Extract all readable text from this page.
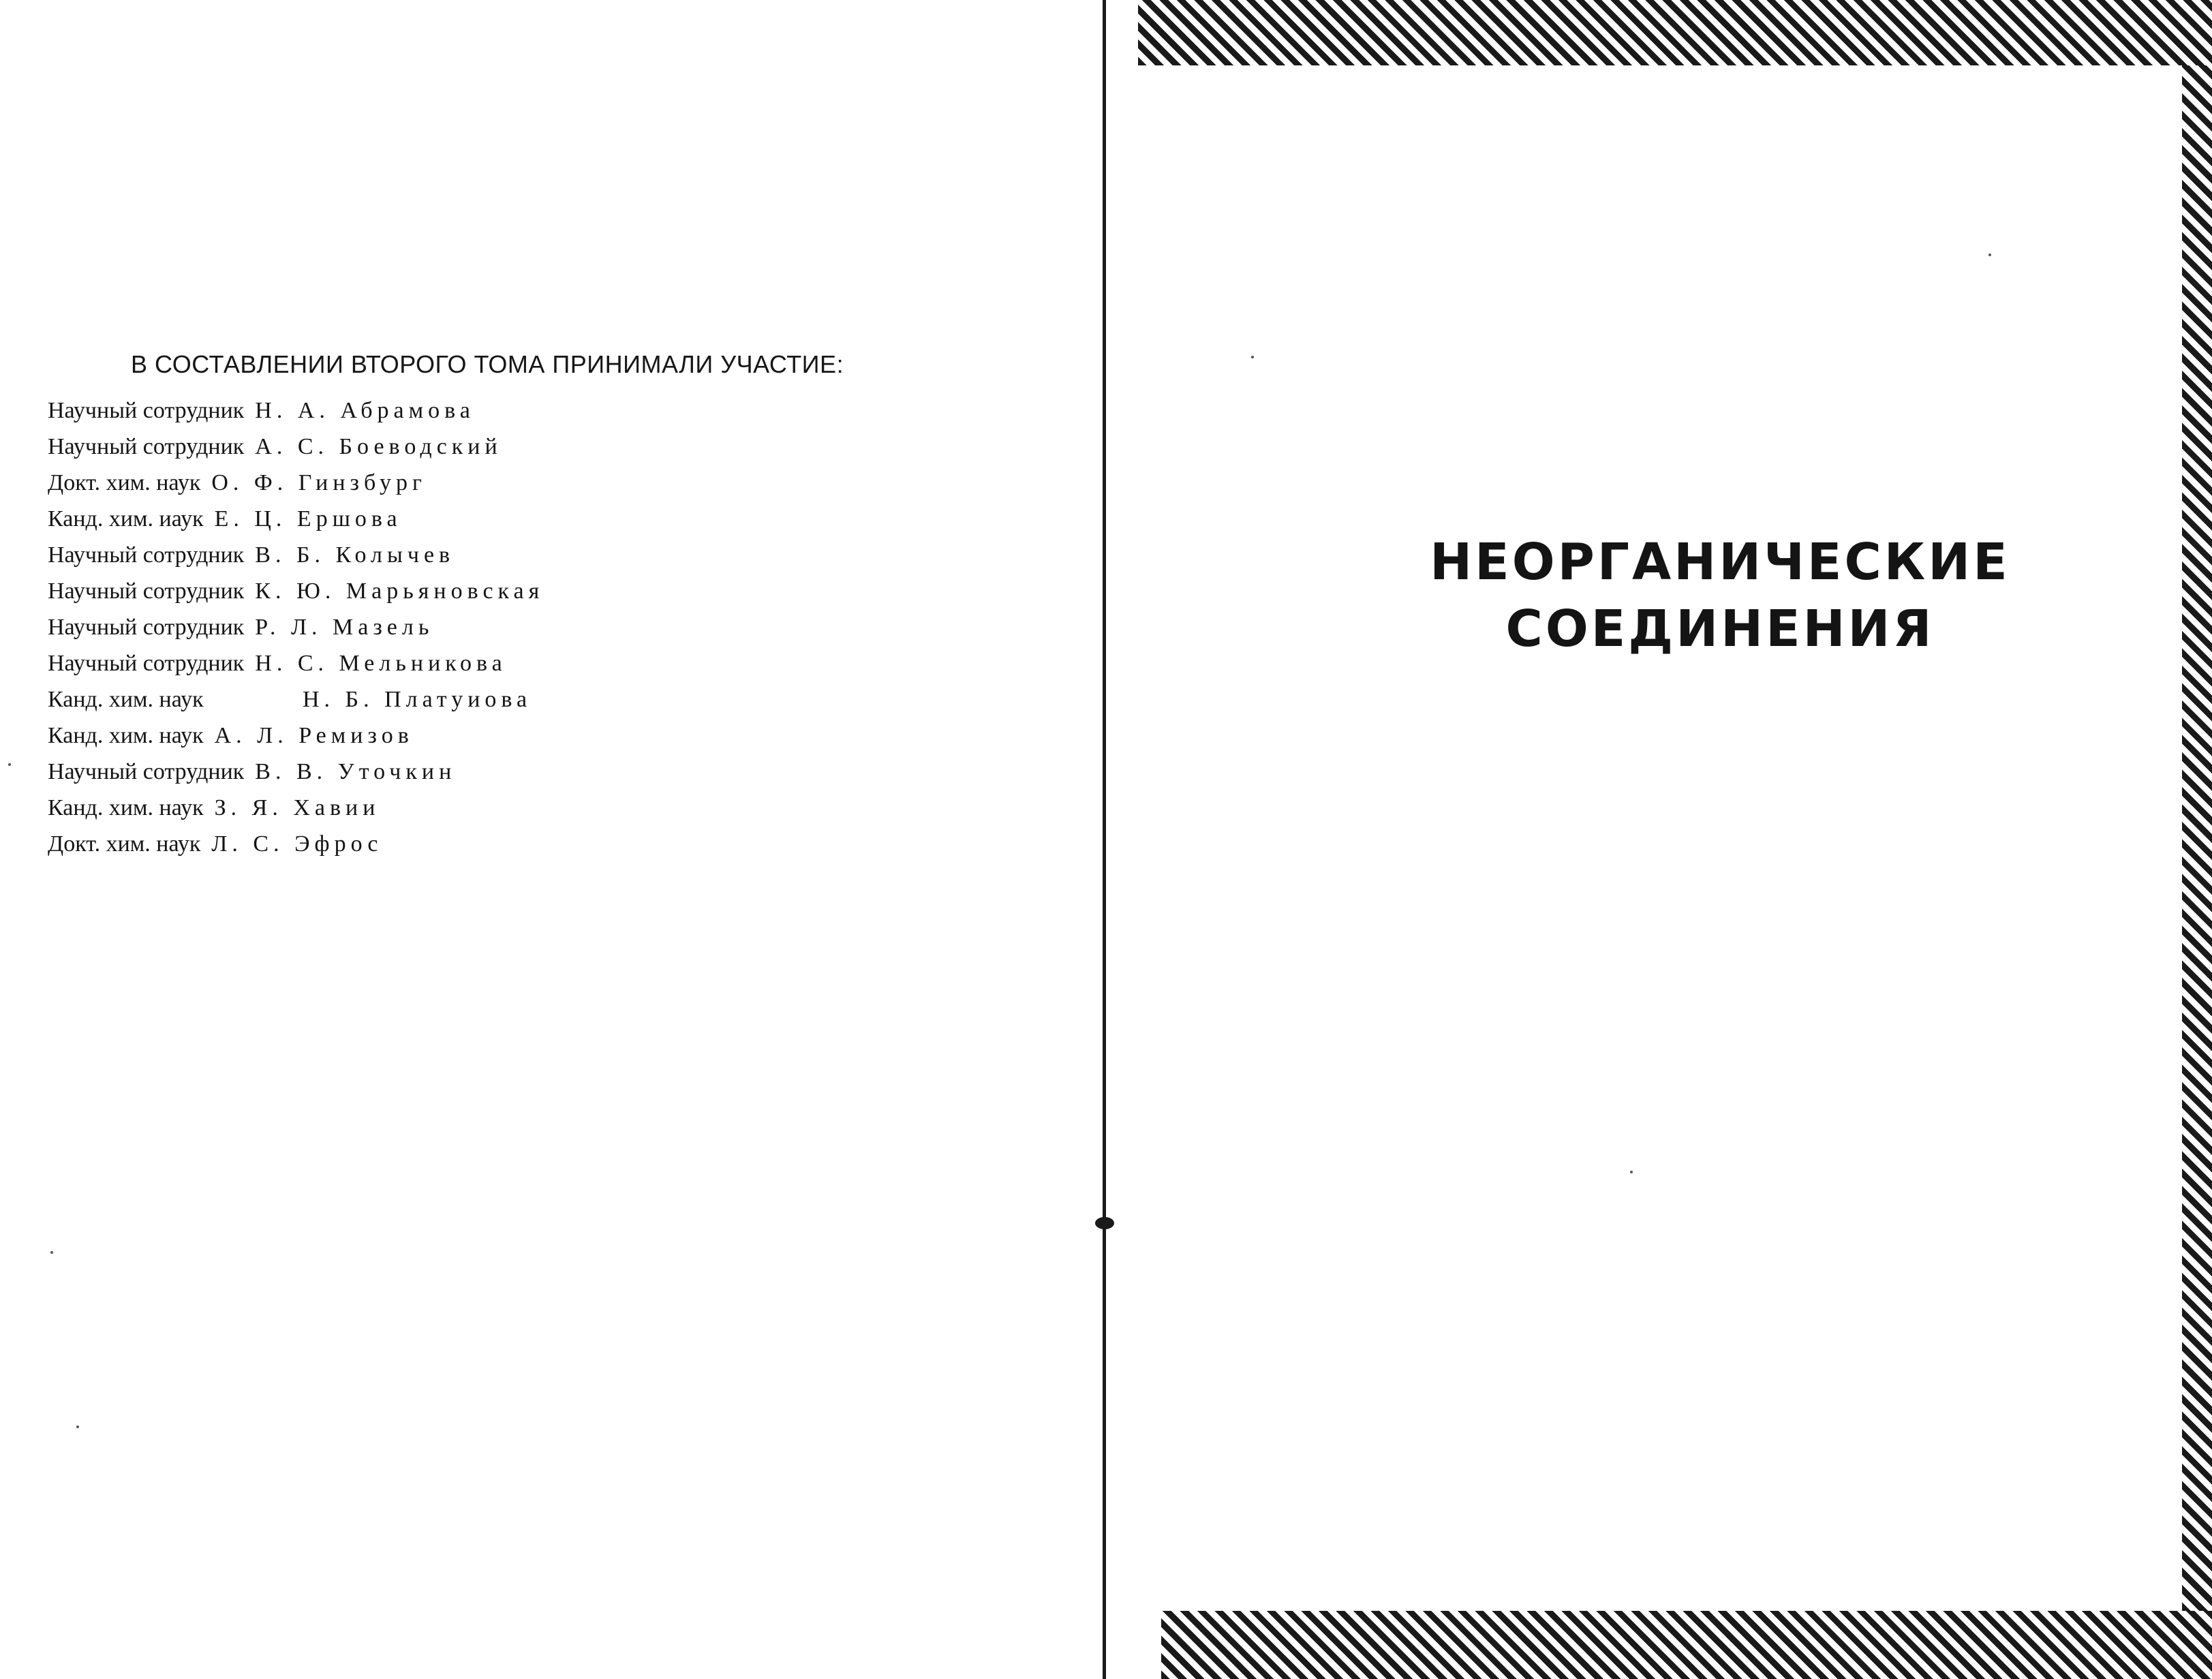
В СОСТАВЛЕНИИ ВТОРОГО ТОМА ПРИНИМАЛИ УЧАСТИЕ:
Научный сотрудник Н. А. Абрамова
Научный сотрудник А. С. Боеводский
Докт. хим. наук О. Ф. Гинзбург
Канд. хим. иаук Е. Ц. Ершова
Научный сотрудник В. Б. Колычев
Научный сотрудник К. Ю. Марьяновская
Научный сотрудник Р. Л. Мазель
Научный сотрудник Н. С. Мельникова
Канд. хим. наук	Н. Б. Платуиова
Канд. хим. наук А. Л. Ремизов
Научный сотрудник В. В. Уточкин
Канд. хим. наук З. Я. Хавии
Докт. хим. наук Л. С. Эфрос
НЕОРГАНИЧЕСКИЕ
СОЕДИНЕНИЯ
